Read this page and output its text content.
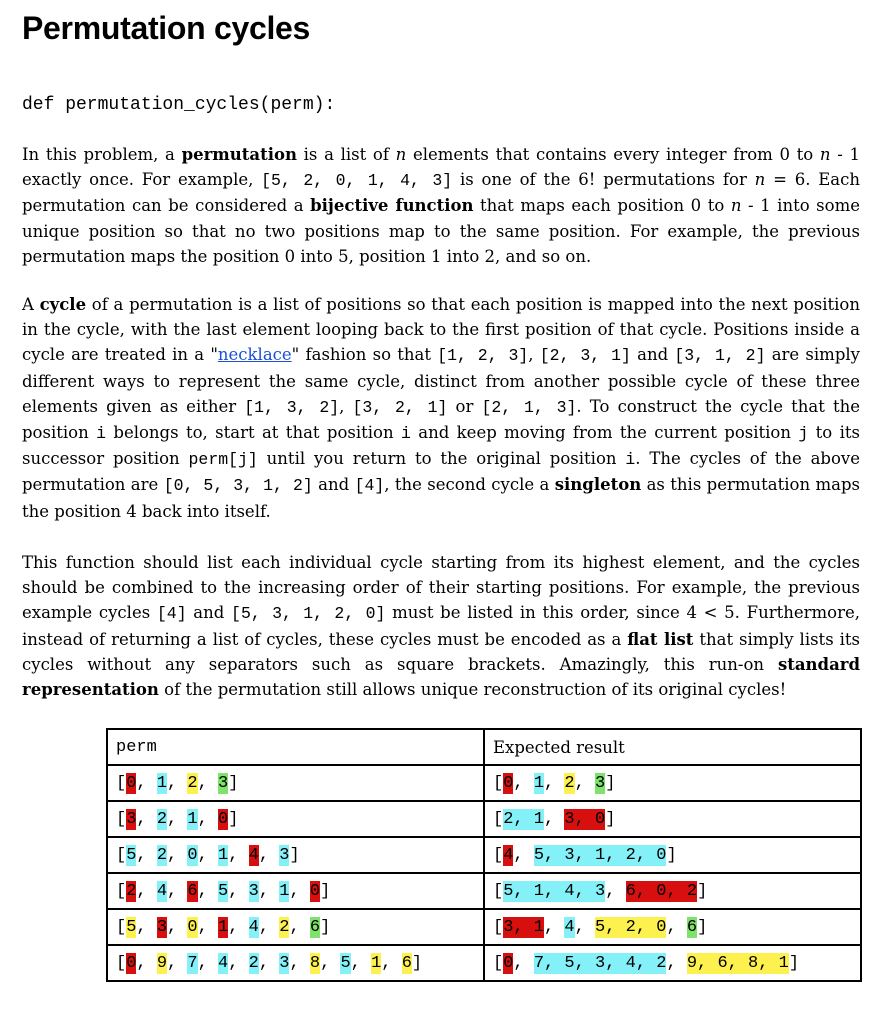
Permutation cycles
def permutation_cycles(perm):

In this problem, a permutation is a list of n elements that contains every integer from 0 to n - 1 exactly once. For example, [5, 2, 0, 1, 4, 3] is one of the 6! permutations for n = 6. Each permutation can be considered a bijective function that maps each position 0 to n - 1 into some unique position so that no two positions map to the same position. For example, the previous permutation maps the position 0 into 5, position 1 into 2, and so on.

A cycle of a permutation is a list of positions so that each position is mapped into the next position in the cycle, with the last element looping back to the first position of that cycle. Positions inside a cycle are treated in a "necklace" fashion so that [1, 2, 3], [2, 3, 1] and [3, 1, 2] are simply different ways to represent the same cycle, distinct from another possible cycle of these three elements given as either [1, 3, 2], [3, 2, 1] or [2, 1, 3]. To construct the cycle that the position i belongs to, start at that position i and keep moving from the current position j to its successor position perm[j] until you return to the original position i. The cycles of the above permutation are [0, 5, 3, 1, 2] and [4], the second cycle a singleton as this permutation maps the position 4 back into itself.

This function should list each individual cycle starting from its highest element, and the cycles should be combined to the increasing order of their starting positions. For example, the previous example cycles [4] and [5, 3, 1, 2, 0] must be listed in this order, since 4 < 5. Furthermore, instead of returning a list of cycles, these cycles must be encoded as a flat list that simply lists its cycles without any separators such as square brackets. Amazingly, this run-on standard representation of the permutation still allows unique reconstruction of its original cycles!

perm	Expected result
[0, 1, 2, 3]	[0, 1, 2, 3]
[3, 2, 1, 0]	[2, 1, 3, 0]
[5, 2, 0, 1, 4, 3]	[4, 5, 3, 1, 2, 0]
[2, 4, 6, 5, 3, 1, 0]	[5, 1, 4, 3, 6, 0, 2]
[5, 3, 0, 1, 4, 2, 6]	[3, 1, 4, 5, 2, 0, 6]
[0, 9, 7, 4, 2, 3, 8, 5, 1, 6]	[0, 7, 5, 3, 4, 2, 9, 6, 8, 1]
